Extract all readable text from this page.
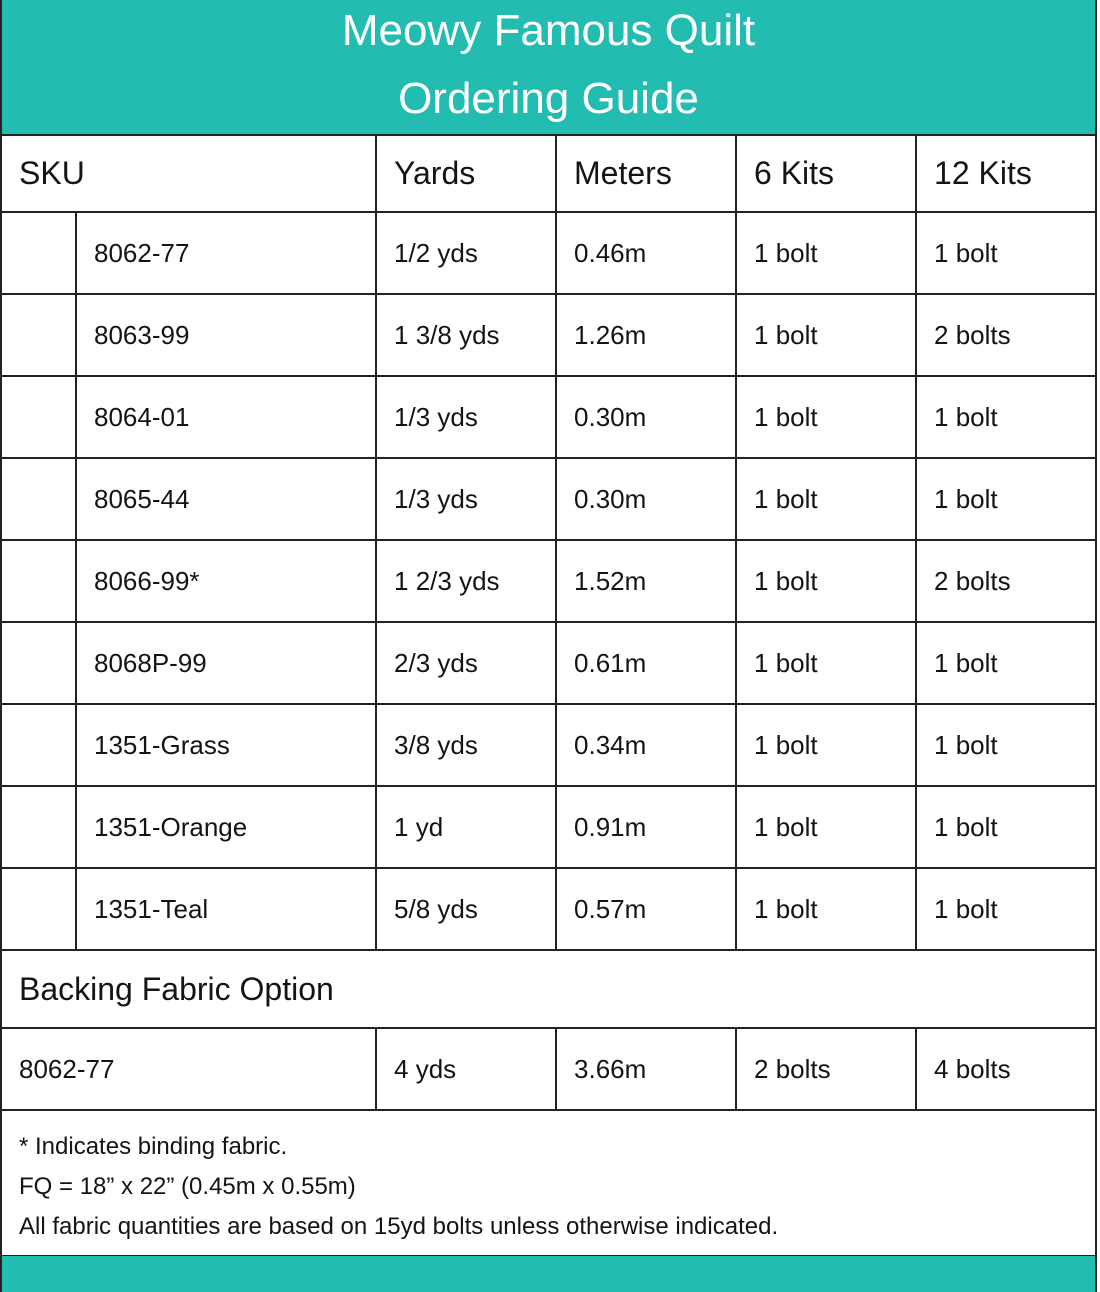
Meowy Famous Quilt
Ordering Guide
SKU		Yards	Meters	6 Kits	12 Kits
	8062-77	1/2 yds	0.46m	1 bolt	1 bolt
	8063-99	1 3/8 yds	1.26m	1 bolt	2 bolts
	8064-01	1/3 yds	0.30m	1 bolt	1 bolt
	8065-44	1/3 yds	0.30m	1 bolt	1 bolt
	8066-99*	1 2/3 yds	1.52m	1 bolt	2 bolts
	8068P-99	2/3 yds	0.61m	1 bolt	1 bolt
	1351-Grass	3/8 yds	0.34m	1 bolt	1 bolt
	1351-Orange	1 yd	0.91m	1 bolt	1 bolt
	1351-Teal	5/8 yds	0.57m	1 bolt	1 bolt
Backing Fabric Option					
8062-77		4 yds	3.66m	2 bolts	4 bolts
* Indicates binding fabric.
FQ = 18” x 22” (0.45m x 0.55m)
All fabric quantities are based on 15yd bolts unless otherwise indicated.
